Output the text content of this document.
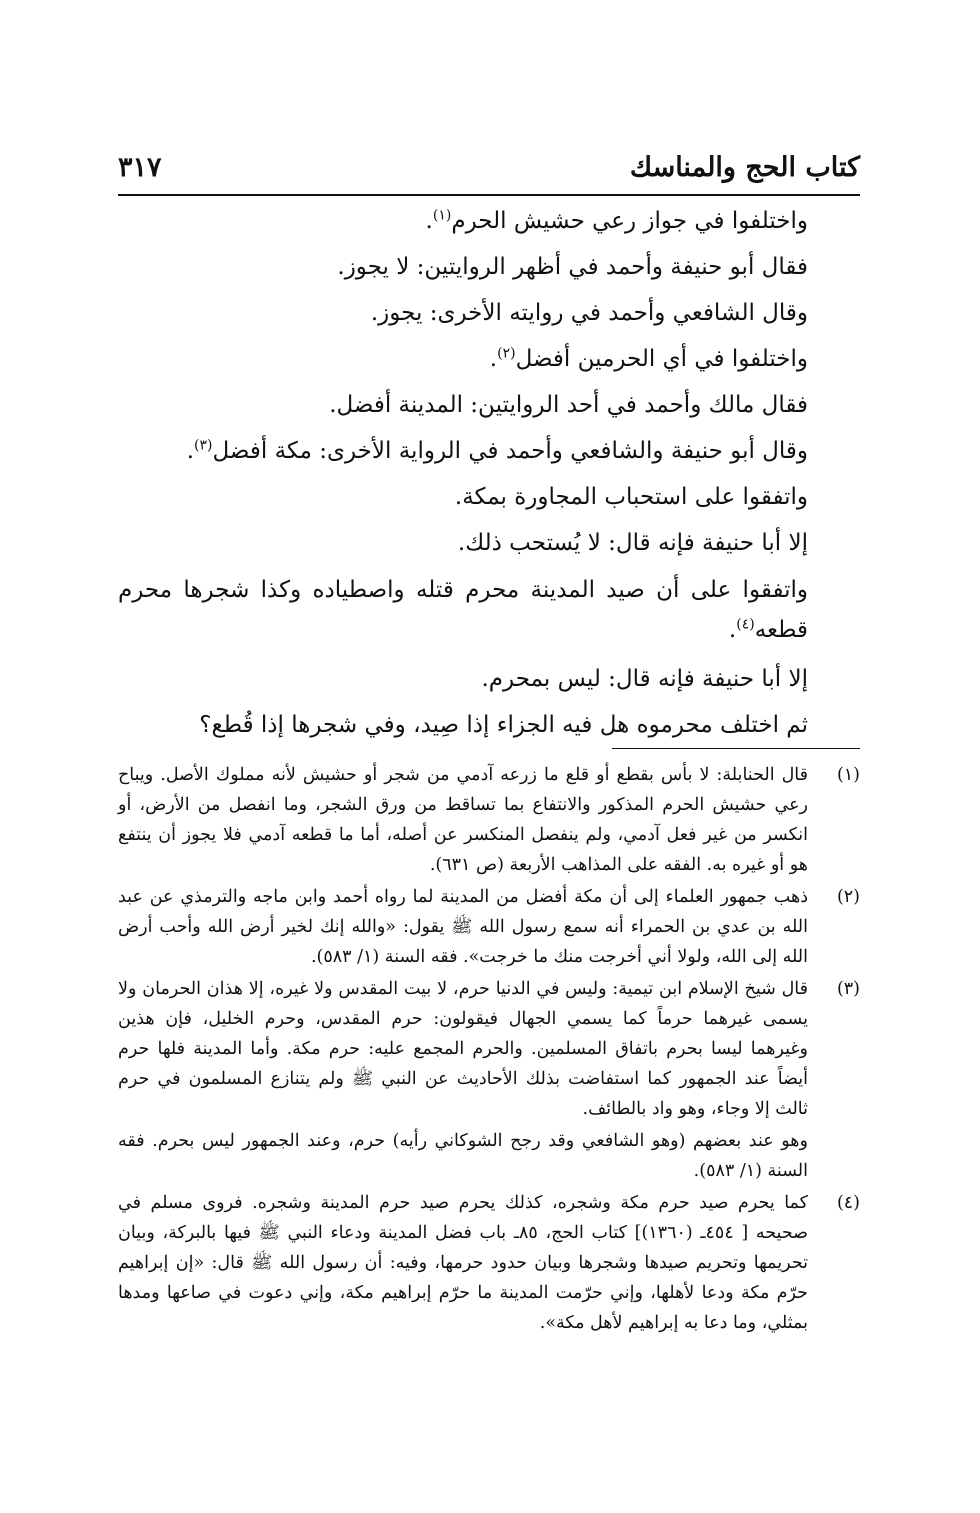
كتاب الحج والمناسك
٣١٧
واختلفوا في جواز رعي حشيش الحرم$^{(١)}$.
فقال أبو حنيفة وأحمد في أظهر الروايتين: لا يجوز.
وقال الشافعي وأحمد في روايته الأخرى: يجوز.
واختلفوا في أي الحرمين أفضل$^{(٢)}$.
فقال مالك وأحمد في أحد الروايتين: المدينة أفضل.
وقال أبو حنيفة والشافعي وأحمد في الرواية الأخرى: مكة أفضل$^{(٣)}$.
واتفقوا على استحباب المجاورة بمكة.
إلا أبا حنيفة فإنه قال: لا يُستحب ذلك.
واتفقوا على أن صيد المدينة محرم قتله واصطياده وكذا شجرها محرم قطعه$^{(٤)}$.
إلا أبا حنيفة فإنه قال: ليس بمحرم.
ثم اختلف محرموه هل فيه الجزاء إذا صِيد، وفي شجرها إذا قُطع؟
(١)
قال الحنابلة: لا بأس بقطع أو قلع ما زرعه آدمي من شجر أو حشيش لأنه مملوك الأصل. ويباح رعي حشيش الحرم المذكور والانتفاع بما تساقط من ورق الشجر، وما انفصل من الأرض، أو انكسر من غير فعل آدمي، ولم ينفصل المنكسر عن أصله، أما ما قطعه آدمي فلا يجوز أن ينتفع هو أو غيره به. الفقه على المذاهب الأربعة (ص ٦٣١).
(٢)
ذهب جمهور العلماء إلى أن مكة أفضل من المدينة لما رواه أحمد وابن ماجه والترمذي عن عبد الله بن عدي بن الحمراء أنه سمع رسول الله ﷺ يقول: «والله إنك لخير أرض الله وأحب أرض الله إلى الله، ولولا أني أخرجت منك ما خرجت». فقه السنة (١/ ٥٨٣).
(٣)
قال شيخ الإسلام ابن تيمية: وليس في الدنيا حرم، لا بيت المقدس ولا غيره، إلا هذان الحرمان ولا يسمى غيرهما حرماً كما يسمي الجهال فيقولون: حرم المقدس، وحرم الخليل، فإن هذين وغيرهما ليسا بحرم باتفاق المسلمين. والحرم المجمع عليه: حرم مكة. وأما المدينة فلها حرم أيضاً عند الجمهور كما استفاضت بذلك الأحاديث عن النبي ﷺ ولم يتنازع المسلمون في حرم ثالث إلا وجاء، وهو واد بالطائف.
وهو عند بعضهم (وهو الشافعي وقد رجح الشوكاني رأيه) حرم، وعند الجمهور ليس بحرم. فقه السنة (١/ ٥٨٣).
(٤)
كما يحرم صيد حرم مكة وشجره، كذلك يحرم صيد حرم المدينة وشجره. فروى مسلم في صحيحه [ ٤٥٤ـ (١٣٦٠)] كتاب الحج، ٨٥ـ باب فضل المدينة ودعاء النبي ﷺ فيها بالبركة، وبيان تحريمها وتحريم صيدها وشجرها وبيان حدود حرمها، وفيه: أن رسول الله ﷺ قال: «إن إبراهيم حرّم مكة ودعا لأهلها، وإني حرّمت المدينة ما حرّم إبراهيم مكة، وإني دعوت في صاعها ومدها بمثلي، وما دعا به إبراهيم لأهل مكة».
